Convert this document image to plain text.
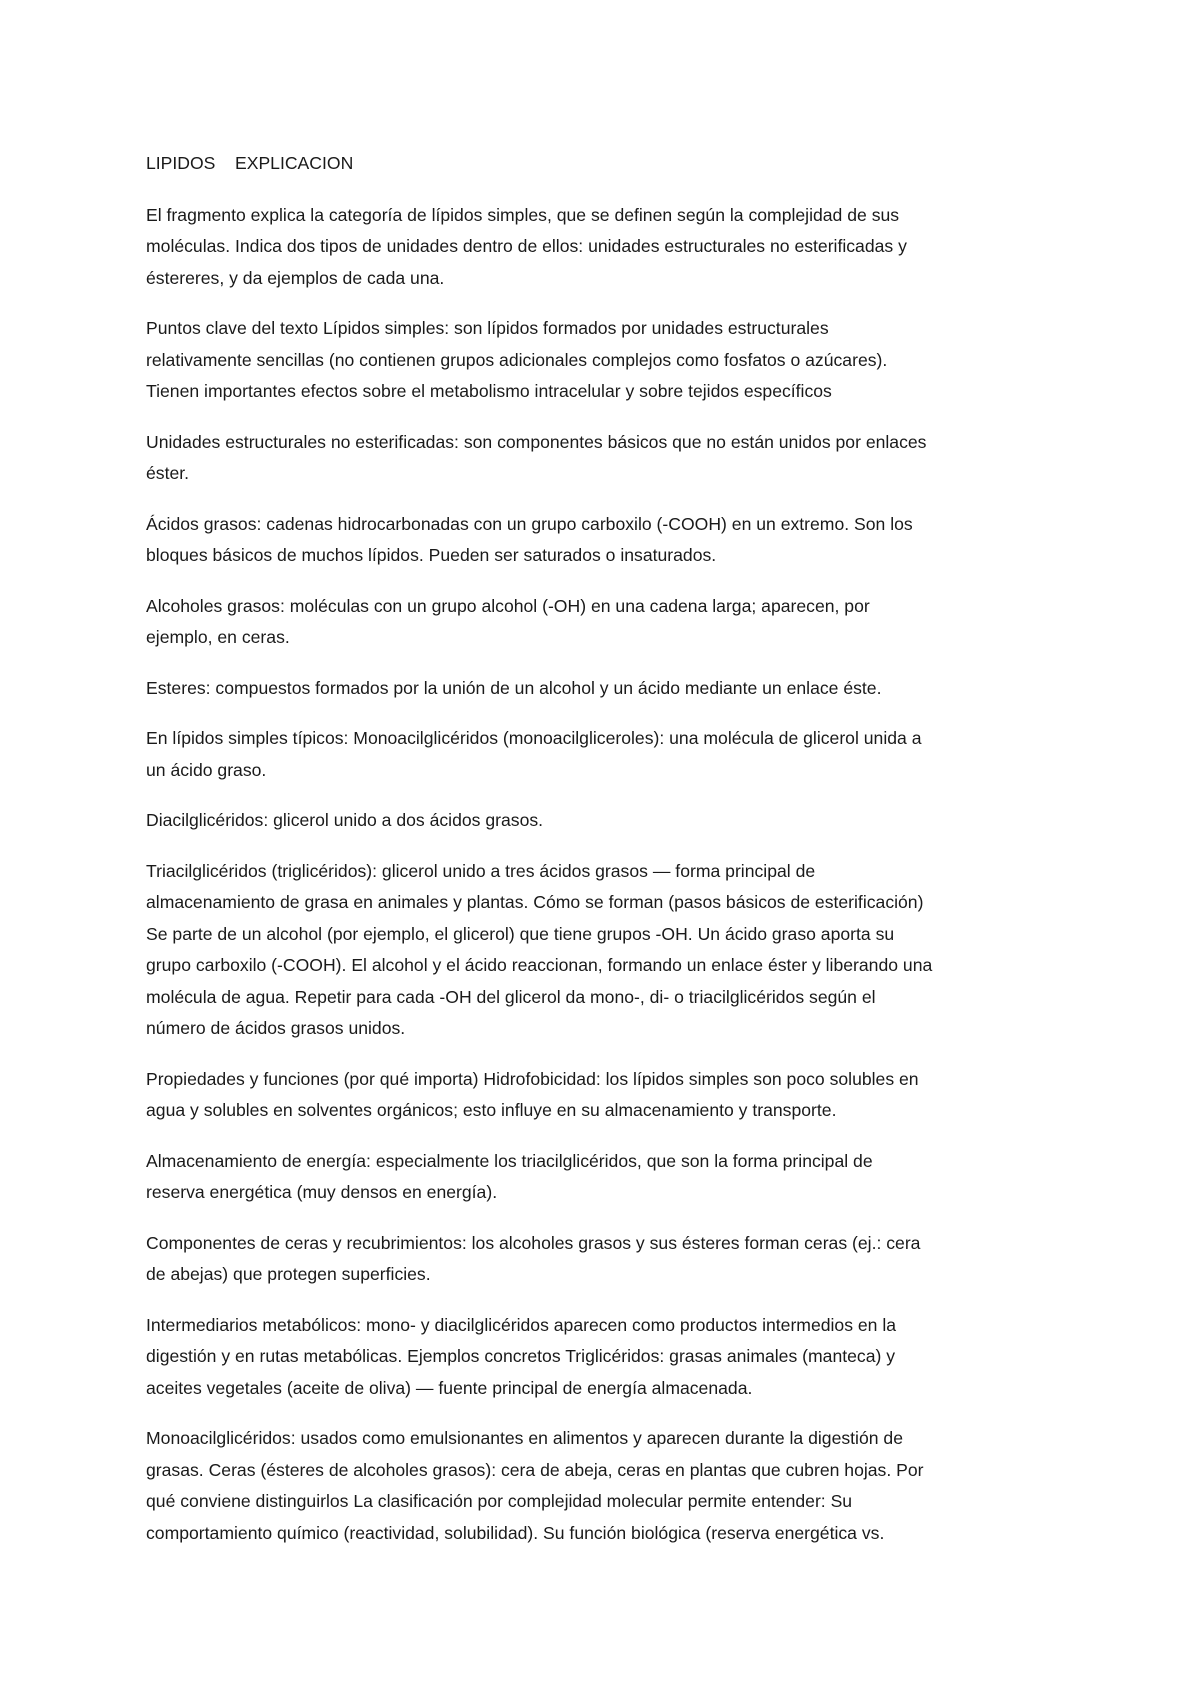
LIPIDOS    EXPLICACION

El fragmento explica la categoría de lípidos simples, que se definen según la complejidad de sus
moléculas. Indica dos tipos de unidades dentro de ellos: unidades estructurales no esterificadas y
éstereres, y da ejemplos de cada una.

Puntos clave del texto Lípidos simples: son lípidos formados por unidades estructurales
relativamente sencillas (no contienen grupos adicionales complejos como fosfatos o azúcares).
Tienen importantes efectos sobre el metabolismo intracelular y sobre tejidos específicos

Unidades estructurales no esterificadas: son componentes básicos que no están unidos por enlaces
éster.

Ácidos grasos: cadenas hidrocarbonadas con un grupo carboxilo (-COOH) en un extremo. Son los
bloques básicos de muchos lípidos. Pueden ser saturados o insaturados.

Alcoholes grasos: moléculas con un grupo alcohol (-OH) en una cadena larga; aparecen, por
ejemplo, en ceras.

Esteres: compuestos formados por la unión de un alcohol y un ácido mediante un enlace éste.

En lípidos simples típicos: Monoacilglicéridos (monoacilgliceroles): una molécula de glicerol unida a
un ácido graso.

Diacilglicéridos: glicerol unido a dos ácidos grasos.

Triacilglicéridos (triglicéridos): glicerol unido a tres ácidos grasos — forma principal de
almacenamiento de grasa en animales y plantas. Cómo se forman (pasos básicos de esterificación)
Se parte de un alcohol (por ejemplo, el glicerol) que tiene grupos -OH. Un ácido graso aporta su
grupo carboxilo (-COOH). El alcohol y el ácido reaccionan, formando un enlace éster y liberando una
molécula de agua. Repetir para cada -OH del glicerol da mono-, di- o triacilglicéridos según el
número de ácidos grasos unidos.

Propiedades y funciones (por qué importa) Hidrofobicidad: los lípidos simples son poco solubles en
agua y solubles en solventes orgánicos; esto influye en su almacenamiento y transporte.

Almacenamiento de energía: especialmente los triacilglicéridos, que son la forma principal de
reserva energética (muy densos en energía).

Componentes de ceras y recubrimientos: los alcoholes grasos y sus ésteres forman ceras (ej.: cera
de abejas) que protegen superficies.

Intermediarios metabólicos: mono- y diacilglicéridos aparecen como productos intermedios en la
digestión y en rutas metabólicas. Ejemplos concretos Triglicéridos: grasas animales (manteca) y
aceites vegetales (aceite de oliva) — fuente principal de energía almacenada.

Monoacilglicéridos: usados como emulsionantes en alimentos y aparecen durante la digestión de
grasas. Ceras (ésteres de alcoholes grasos): cera de abeja, ceras en plantas que cubren hojas. Por
qué conviene distinguirlos La clasificación por complejidad molecular permite entender: Su
comportamiento químico (reactividad, solubilidad). Su función biológica (reserva energética vs.
